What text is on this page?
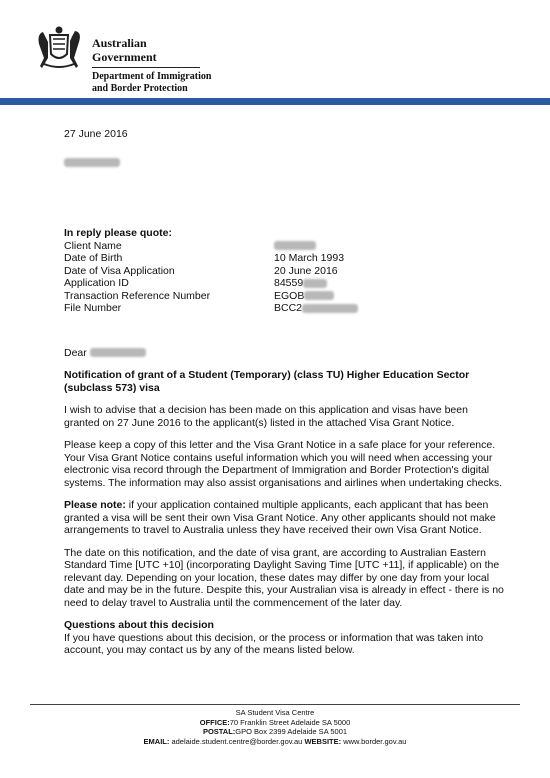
Australian Government
Department of Immigration
and Border Protection
27 June 2016
In reply please quote:
Client Name
Date of Birth	10 March 1993
Date of Visa Application	20 June 2016
Application ID	84559
Transaction Reference Number	EGOB
File Number	BCC2
Dear

Notification of grant of a Student (Temporary) (class TU) Higher Education Sector (subclass 573) visa

I wish to advise that a decision has been made on this application and visas have been granted on 27 June 2016 to the applicant(s) listed in the attached Visa Grant Notice.

Please keep a copy of this letter and the Visa Grant Notice in a safe place for your reference. Your Visa Grant Notice contains useful information which you will need when accessing your electronic visa record through the Department of Immigration and Border Protection's digital systems. The information may also assist organisations and airlines when undertaking checks.

Please note: if your application contained multiple applicants, each applicant that has been granted a visa will be sent their own Visa Grant Notice. Any other applicants should not make arrangements to travel to Australia unless they have received their own Visa Grant Notice.

The date on this notification, and the date of visa grant, are according to Australian Eastern Standard Time [UTC +10] (incorporating Daylight Saving Time [UTC +11], if applicable) on the relevant day. Depending on your location, these dates may differ by one day from your local date and may be in the future. Despite this, your Australian visa is already in effect - there is no need to delay travel to Australia until the commencement of the later day.

Questions about this decision
If you have questions about this decision, or the process or information that was taken into account, you may contact us by any of the means listed below.
SA Student Visa Centre
OFFICE:70 Franklin Street Adelaide SA 5000
POSTAL:GPO Box 2399 Adelaide SA 5001
EMAIL: adelaide.student.centre@border.gov.au WEBSITE: www.border.gov.au
